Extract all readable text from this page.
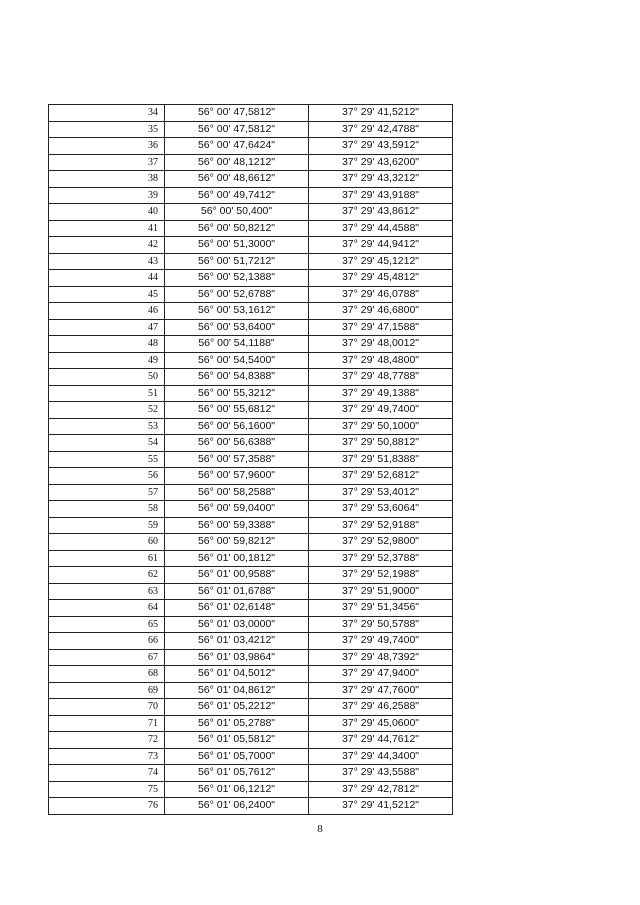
34	56° 00' 47,5812"	37° 29' 41,5212"
35	56° 00' 47,5812"	37° 29' 42,4788"
36	56° 00' 47,6424"	37° 29' 43,5912"
37	56° 00' 48,1212"	37° 29' 43,6200"
38	56° 00' 48,6612"	37° 29' 43,3212"
39	56° 00' 49,7412"	37° 29' 43,9188"
40	56° 00' 50,400"	37° 29' 43,8612"
41	56° 00' 50,8212"	37° 29' 44,4588"
42	56° 00' 51,3000"	37° 29' 44,9412"
43	56° 00' 51,7212"	37° 29' 45,1212"
44	56° 00' 52,1388"	37° 29' 45,4812"
45	56° 00' 52,6788"	37° 29' 46,0788"
46	56° 00' 53,1612"	37° 29' 46,6800"
47	56° 00' 53,6400"	37° 29' 47,1588"
48	56° 00' 54,1188"	37° 29' 48,0012"
49	56° 00' 54,5400"	37° 29' 48,4800"
50	56° 00' 54,8388"	37° 29' 48,7788"
51	56° 00' 55,3212"	37° 29' 49,1388"
52	56° 00' 55,6812"	37° 29' 49,7400"
53	56° 00' 56,1600"	37° 29' 50,1000"
54	56° 00' 56,6388"	37° 29' 50,8812"
55	56° 00' 57,3588"	37° 29' 51,8388"
56	56° 00' 57,9600"	37° 29' 52,6812"
57	56° 00' 58,2588"	37° 29' 53,4012"
58	56° 00' 59,0400"	37° 29' 53,6064"
59	56° 00' 59,3388"	37° 29' 52,9188"
60	56° 00' 59,8212"	37° 29' 52,9800"
61	56° 01' 00,1812"	37° 29' 52,3788"
62	56° 01' 00,9588"	37° 29' 52,1988"
63	56° 01' 01,6788"	37° 29' 51,9000"
64	56° 01' 02,6148"	37° 29' 51,3456"
65	56° 01' 03,0000"	37° 29' 50,5788"
66	56° 01' 03,4212"	37° 29' 49,7400"
67	56° 01' 03,9864"	37° 29' 48,7392"
68	56° 01' 04,5012"	37° 29' 47,9400"
69	56° 01' 04,8612"	37° 29' 47,7600"
70	56° 01' 05,2212"	37° 29' 46,2588"
71	56° 01' 05,2788"	37° 29' 45,0600"
72	56° 01' 05,5812"	37° 29' 44,7612"
73	56° 01' 05,7000"	37° 29' 44,3400"
74	56° 01' 05,7612"	37° 29' 43,5588"
75	56° 01' 06,1212"	37° 29' 42,7812"
76	56° 01' 06,2400"	37° 29' 41,5212"
8
